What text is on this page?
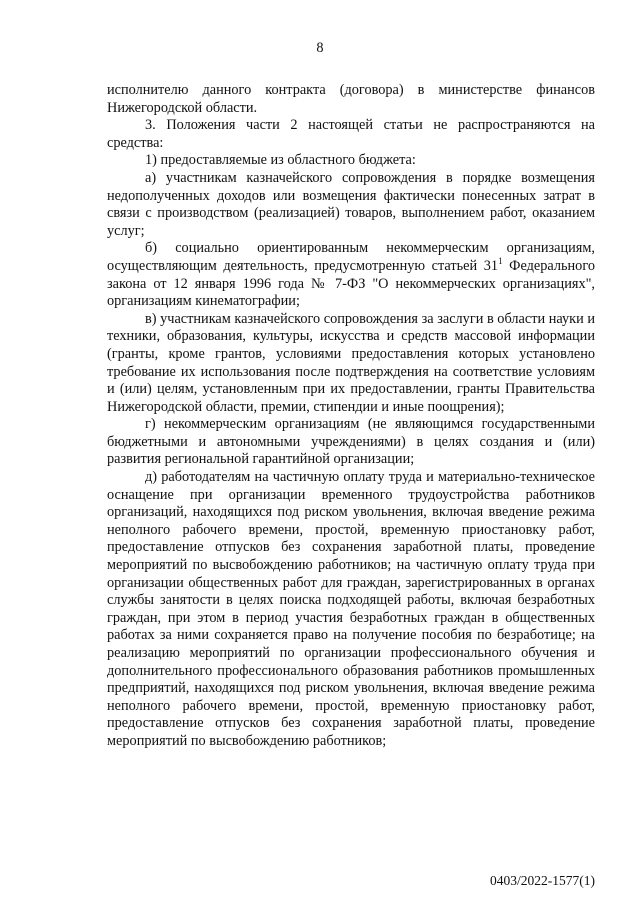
8

исполнителю данного контракта (договора) в министерстве финансов Нижегородской области.

3. Положения части 2 настоящей статьи не распространяются на средства:

1) предоставляемые из областного бюджета:

а) участникам казначейского сопровождения в порядке возмещения недополученных доходов или возмещения фактически понесенных затрат в связи с производством (реализацией) товаров, выполнением работ, оказанием услуг;

б) социально ориентированным некоммерческим организациям, осуществляющим деятельность, предусмотренную статьей $31^1$ Федерального закона от 12 января 1996 года № 7-ФЗ "О некоммерческих организациях", организациям кинематографии;

в) участникам казначейского сопровождения за заслуги в области науки и техники, образования, культуры, искусства и средств массовой информации (гранты, кроме грантов, условиями предоставления которых установлено требование их использования после подтверждения на соответствие условиям и (или) целям, установленным при их предоставлении, гранты Правительства Нижегородской области, премии, стипендии и иные поощрения);

г) некоммерческим организациям (не являющимся государственными бюджетными и автономными учреждениями) в целях создания и (или) развития региональной гарантийной организации;

д) работодателям на частичную оплату труда и материально-техническое оснащение при организации временного трудоустройства работников организаций, находящихся под риском увольнения, включая введение режима неполного рабочего времени, простой, временную приостановку работ, предоставление отпусков без сохранения заработной платы, проведение мероприятий по высвобождению работников; на частичную оплату труда при организации общественных работ для граждан, зарегистрированных в органах службы занятости в целях поиска подходящей работы, включая безработных граждан, при этом в период участия безработных граждан в общественных работах за ними сохраняется право на получение пособия по безработице; на реализацию мероприятий по организации профессионального обучения и дополнительного профессионального образования работников промышленных предприятий, находящихся под риском увольнения, включая введение режима неполного рабочего времени, простой, временную приостановку работ, предоставление отпусков без сохранения заработной платы, проведение мероприятий по высвобождению работников;

0403/2022-1577(1)
